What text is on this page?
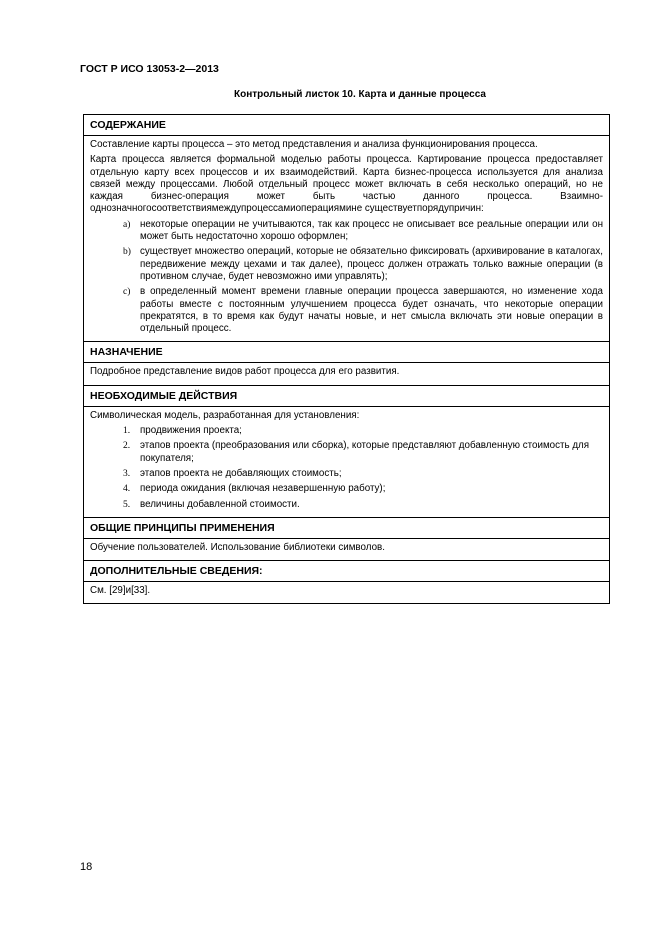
ГОСТ Р ИСО 13053-2—2013
Контрольный листок 10. Карта и данные процесса
СОДЕРЖАНИЕ

Составление карты процесса – это метод представления и анализа функционирования процесса.

Карта процесса является формальной моделью работы процесса. Картирование процесса предоставляет отдельную карту всех процессов и их взаимодействий. Карта бизнес-процесса используется для анализа связей между процессами. Любой отдельный процесс может включать в себя несколько операций, но не каждая бизнес-операция может быть частью данного процесса. Взаимно-однозначногосоответствиямеждупроцессамиоперациямине существуетпорядупричин:

a) некоторые операции не учитываются, так как процесс не описывает все реальные операции или он может быть недостаточно хорошо оформлен;
b) существует множество операций, которые не обязательно фиксировать (архивирование в каталогах, передвижение между цехами и так далее), процесс должен отражать только важные операции (в противном случае, будет невозможно ими управлять);
c) в определенный момент времени главные операции процесса завершаются, но изменение хода работы вместе с постоянным улучшением процесса будет означать, что некоторые операции прекратятся, в то время как будут начаты новые, и нет смысла включать эти новые операции в отдельный процесс.
НАЗНАЧЕНИЕ

Подробное представление видов работ процесса для его развития.

НЕОБХОДИМЫЕ ДЕЙСТВИЯ

Символическая модель, разработанная для установления:

1. продвижения проекта;
2. этапов проекта (преобразования или сборка), которые представляют добавленную стоимость для покупателя;
3. этапов проекта не добавляющих стоимость;
4. периода ожидания (включая незавершенную работу);
5. величины добавленной стоимости.
ОБЩИЕ ПРИНЦИПЫ ПРИМЕНЕНИЯ

Обучение пользователей. Использование библиотеки символов.

ДОПОЛНИТЕЛЬНЫЕ СВЕДЕНИЯ:

См. [29]и[33].

18
